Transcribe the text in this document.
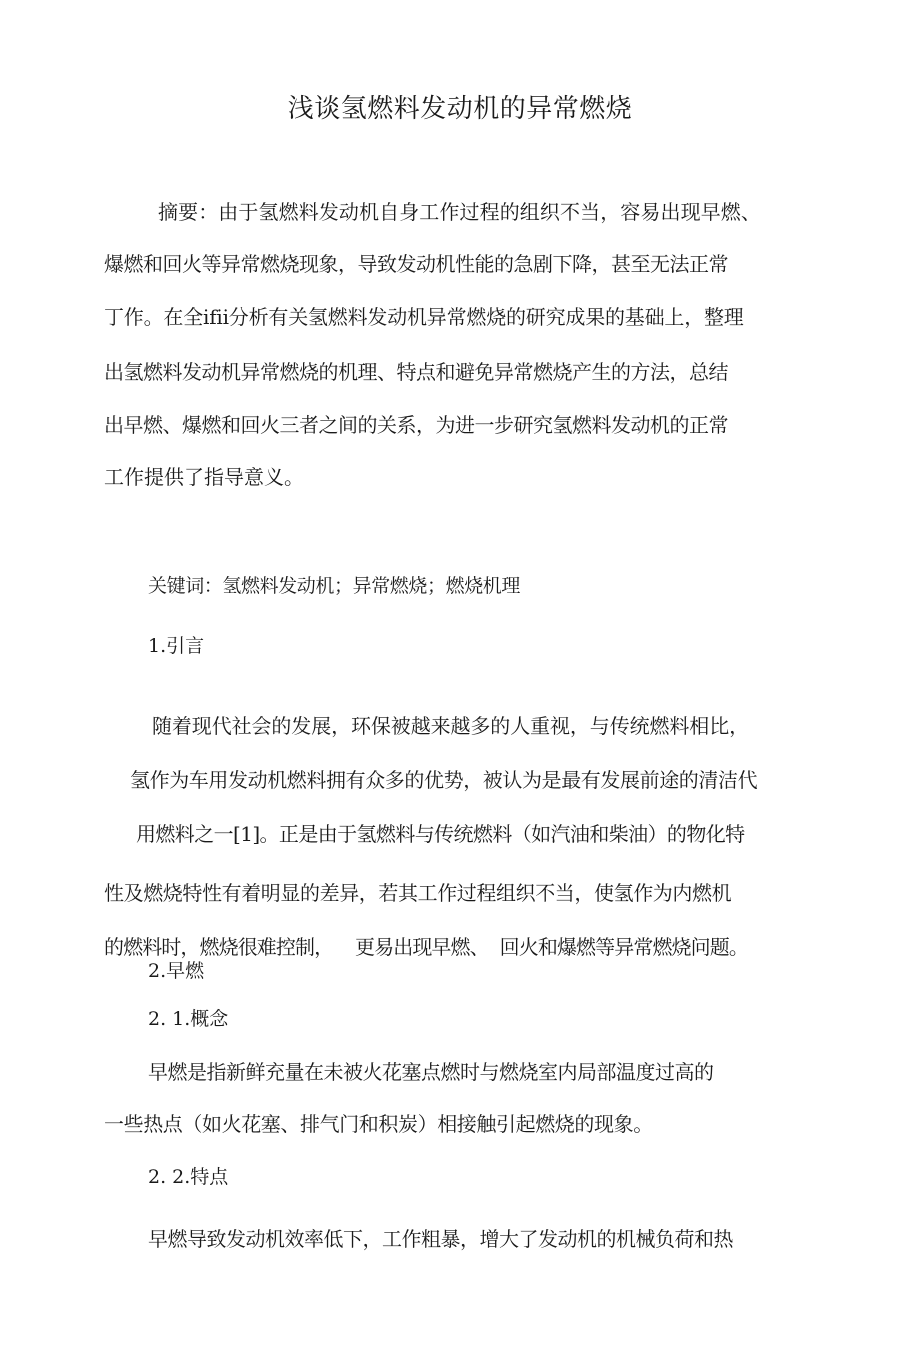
浅谈氢燃料发动机的异常燃烧
摘要：由于氢燃料发动机自身工作过程的组织不当，容易出现早燃、
爆燃和回火等异常燃烧现象，导致发动机性能的急剧下降，甚至无法正常
丁作。在全ifii分析有关氢燃料发动机异常燃烧的研究成果的基础上，整理
出氢燃料发动机异常燃烧的机理、特点和避免异常燃烧产生的方法，总结
出早燃、爆燃和回火三者之间的关系，为进一步研究氢燃料发动机的正常
工作提供了指导意义。
关键词：氢燃料发动机；异常燃烧；燃烧机理
1.引言
随着现代社会的发展，环保被越来越多的人重视，与传统燃料相比，
氢作为车用发动机燃料拥有众多的优势，被认为是最有发展前途的清洁代
用燃料之一[1]。正是由于氢燃料与传统燃料（如汽油和柴油）的物化特
性及燃烧特性有着明显的差异，若其工作过程组织不当，使氢作为内燃机
的燃料时，燃烧很难控制，    更易出现早燃、  回火和爆燃等异常燃烧问题。
2.早燃
2. 1.概念
早燃是指新鲜充量在未被火花塞点燃时与燃烧室内局部温度过高的
一些热点（如火花塞、排气门和积炭）相接触引起燃烧的现象。
2. 2.特点
早燃导致发动机效率低下，工作粗暴，增大了发动机的机械负荷和热
